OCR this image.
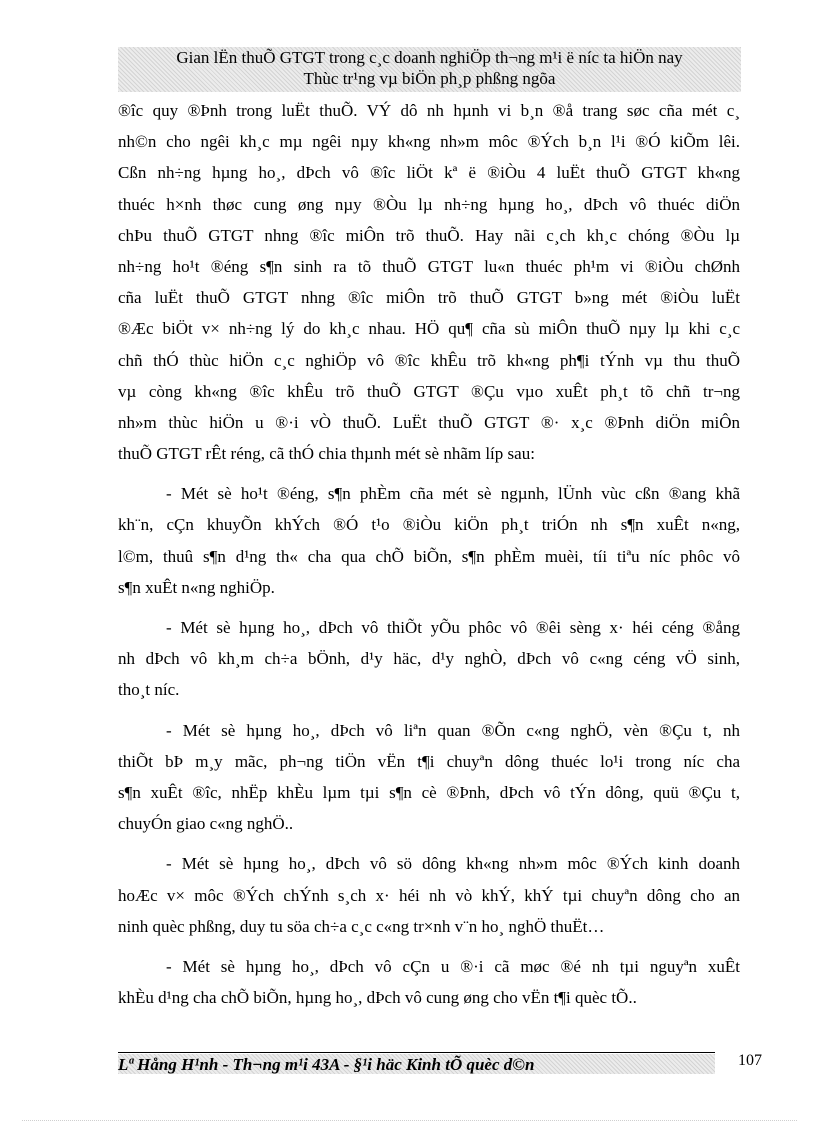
Gian lËn thuÕ GTGT trong c¸c doanh nghiÖp th¬ng m¹i ë níc ta hiÖn nay
Thùc tr¹ng vµ biÖn ph¸p phßng ngõa
®îc quy ®Þnh trong luËt thuÕ. VÝ dô nh hµnh vi b¸n ®å trang søc cña mét c¸
nh©n cho ngêi kh¸c mµ ngêi nµy kh«ng nh»m môc ®Ých b¸n l¹i ®Ó kiÕm lêi.
Cßn nh÷ng hµng ho¸, dÞch vô ®îc liÖt kª ë ®iÒu 4 luËt thuÕ GTGT kh«ng
thuéc h×nh thøc cung øng nµy ®Òu lµ nh÷ng hµng ho¸, dÞch vô thuéc diÖn
chÞu thuÕ GTGT nhng ®îc miÔn trõ thuÕ. Hay nãi c¸ch kh¸c chóng ®Òu lµ
nh÷ng ho¹t ®éng s¶n sinh ra tõ thuÕ GTGT lu«n thuéc ph¹m vi ®iÒu chØnh
cña luËt thuÕ GTGT nhng ®îc miÔn trõ thuÕ GTGT b»ng mét ®iÒu luËt
®Æc biÖt v× nh÷ng lý do kh¸c nhau. HÖ qu¶ cña sù miÔn thuÕ nµy lµ khi c¸c
chñ thÓ thùc hiÖn c¸c nghiÖp vô ®îc khÊu trõ kh«ng ph¶i tÝnh vµ thu thuÕ
vµ còng kh«ng ®îc khÊu trõ thuÕ GTGT ®Çu vµo xuÊt ph¸t tõ chñ tr¬ng
nh»m thùc hiÖn u ®·i vÒ thuÕ. LuËt thuÕ GTGT ®· x¸c ®Þnh diÖn miÔn
thuÕ GTGT rÊt réng, cã thÓ chia thµnh mét sè nhãm líp sau:
- Mét sè ho¹t ®éng, s¶n phÈm cña mét sè ngµnh, lÜnh vùc cßn ®ang khã
kh¨n, cÇn khuyÕn khÝch ®Ó t¹o ®iÒu kiÖn ph¸t triÓn nh s¶n xuÊt n«ng,
l©m, thuû s¶n d¹ng th« cha qua chÕ biÕn, s¶n phÈm muèi, tíi tiªu níc phôc vô
s¶n xuÊt n«ng nghiÖp.
- Mét sè hµng ho¸, dÞch vô thiÕt yÕu phôc vô ®êi sèng x· héi céng ®ång
nh dÞch vô kh¸m ch÷a bÖnh, d¹y häc, d¹y nghÒ, dÞch vô c«ng céng vÖ sinh,
tho¸t níc.
- Mét sè hµng ho¸, dÞch vô liªn quan ®Õn c«ng nghÖ, vèn ®Çu t, nh
thiÕt bÞ m¸y mãc, ph¬ng tiÖn vËn t¶i chuyªn dông thuéc lo¹i trong níc cha
s¶n xuÊt ®îc, nhËp khÈu lµm tµi s¶n cè ®Þnh, dÞch vô tÝn dông, quü ®Çu t,
chuyÓn giao c«ng nghÖ..
- Mét sè hµng ho¸, dÞch vô sö dông kh«ng nh»m môc ®Ých kinh doanh
hoÆc v× môc ®Ých chÝnh s¸ch x· héi nh vò khÝ, khÝ tµi chuyªn dông cho an
ninh quèc phßng, duy tu söa ch÷a c¸c c«ng tr×nh v¨n ho¸ nghÖ thuËt…
- Mét sè hµng ho¸, dÞch vô cÇn u ®·i cã møc ®é nh tµi nguyªn xuÊt
khÈu d¹ng cha chÕ biÕn, hµng ho¸, dÞch vô cung øng cho vËn t¶i quèc tÕ..
Lª Hång H¹nh - Th¬ng m¹i 43A - §¹i häc Kinh tÕ quèc d©n	107
